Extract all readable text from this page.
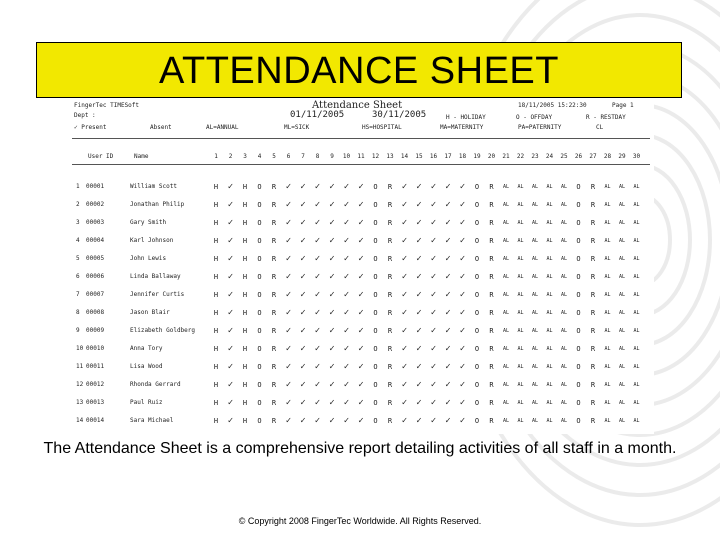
ATTENDANCE SHEET
FingerTec TIMESoft
Dept :
Attendance Sheet
01/11/2005	30/11/2005
18/11/2005 15:22:30	Page 1
H - HOLIDAY	O - OFFDAY	R - RESTDAY
✓ Present	Absent	AL=ANNUAL	ML=SICK	HS=HOSPITAL	MA=MATERNITY	PA=PATERNITY	CL
User ID	Name	1	2	3	4	5	6	7	8	9	10	11	12	13	14	15	16	17	18	19	20	21	22	23	24	25	26	27	28	29	30
1 00001	William Scott	H	✓	H	O	R	✓	✓	✓	✓	✓	✓	O	R	✓	✓	✓	✓	✓	O	R	AL	AL	AL	AL	AL	O	R	AL	AL	AL
2 00002	Jonathan Philip	H	✓	H	O	R	✓	✓	✓	✓	✓	✓	O	R	✓	✓	✓	✓	✓	O	R	AL	AL	AL	AL	AL	O	R	AL	AL	AL
3 00003	Gary Smith	H	✓	H	O	R	✓	✓	✓	✓	✓	✓	O	R	✓	✓	✓	✓	✓	O	R	AL	AL	AL	AL	AL	O	R	AL	AL	AL
4 00004	Karl Johnson	H	✓	H	O	R	✓	✓	✓	✓	✓	✓	O	R	✓	✓	✓	✓	✓	O	R	AL	AL	AL	AL	AL	O	R	AL	AL	AL
5 00005	John Lewis	H	✓	H	O	R	✓	✓	✓	✓	✓	✓	O	R	✓	✓	✓	✓	✓	O	R	AL	AL	AL	AL	AL	O	R	AL	AL	AL
6 00006	Linda Ballaway	H	✓	H	O	R	✓	✓	✓	✓	✓	✓	O	R	✓	✓	✓	✓	✓	O	R	AL	AL	AL	AL	AL	O	R	AL	AL	AL
7 00007	Jennifer Curtis	H	✓	H	O	R	✓	✓	✓	✓	✓	✓	O	R	✓	✓	✓	✓	✓	O	R	AL	AL	AL	AL	AL	O	R	AL	AL	AL
8 00008	Jason Blair	H	✓	H	O	R	✓	✓	✓	✓	✓	✓	O	R	✓	✓	✓	✓	✓	O	R	AL	AL	AL	AL	AL	O	R	AL	AL	AL
9 00009	Elizabeth Goldberg	H	✓	H	O	R	✓	✓	✓	✓	✓	✓	O	R	✓	✓	✓	✓	✓	O	R	AL	AL	AL	AL	AL	O	R	AL	AL	AL
10 00010	Anna Tory	H	✓	H	O	R	✓	✓	✓	✓	✓	✓	O	R	✓	✓	✓	✓	✓	O	R	AL	AL	AL	AL	AL	O	R	AL	AL	AL
11 00011	Lisa Wood	H	✓	H	O	R	✓	✓	✓	✓	✓	✓	O	R	✓	✓	✓	✓	✓	O	R	AL	AL	AL	AL	AL	O	R	AL	AL	AL
12 00012	Rhonda Gerrard	H	✓	H	O	R	✓	✓	✓	✓	✓	✓	O	R	✓	✓	✓	✓	✓	O	R	AL	AL	AL	AL	AL	O	R	AL	AL	AL
13 00013	Paul Ruiz	H	✓	H	O	R	✓	✓	✓	✓	✓	✓	O	R	✓	✓	✓	✓	✓	O	R	AL	AL	AL	AL	AL	O	R	AL	AL	AL
14 00014	Sara Michael	H	✓	H	O	R	✓	✓	✓	✓	✓	✓	O	R	✓	✓	✓	✓	✓	O	R	AL	AL	AL	AL	AL	O	R	AL	AL	AL
The Attendance Sheet is a comprehensive report detailing activities of all staff in a month.
© Copyright 2008 FingerTec Worldwide. All Rights Reserved.
